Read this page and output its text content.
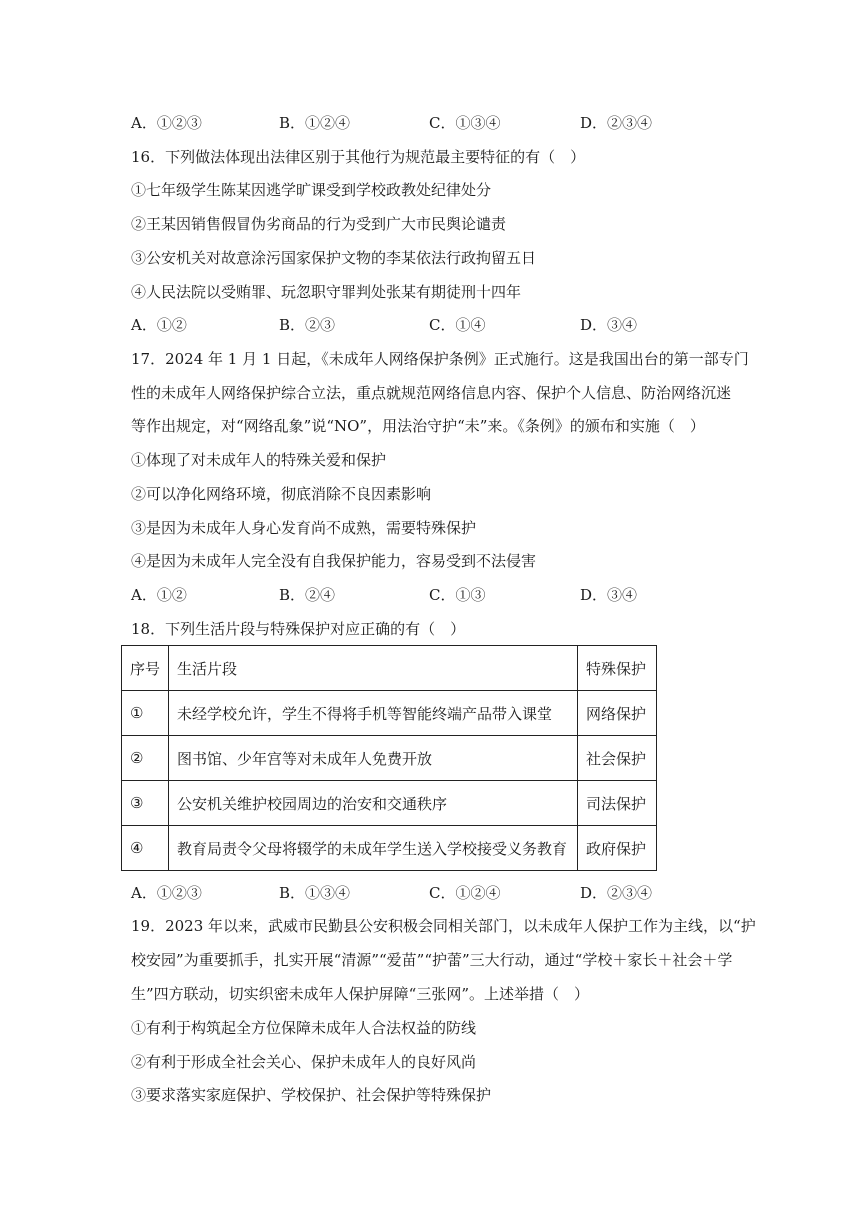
A．①②③	B．①②④	C．①③④	D．②③④
16．下列做法体现出法律区别于其他行为规范最主要特征的有（　）
①七年级学生陈某因逃学旷课受到学校政教处纪律处分
②王某因销售假冒伪劣商品的行为受到广大市民舆论谴责
③公安机关对故意涂污国家保护文物的李某依法行政拘留五日
④人民法院以受贿罪、玩忽职守罪判处张某有期徒刑十四年
A．①②	B．②③	C．①④	D．③④
17．2024 年 1 月 1 日起，《未成年人网络保护条例》正式施行。这是我国出台的第一部专门
性的未成年人网络保护综合立法，重点就规范网络信息内容、保护个人信息、防治网络沉迷
等作出规定，对“网络乱象”说“NO”，用法治守护“未”来。《条例》的颁布和实施（　）
①体现了对未成年人的特殊关爱和保护
②可以净化网络环境，彻底消除不良因素影响
③是因为未成年人身心发育尚不成熟，需要特殊保护
④是因为未成年人完全没有自我保护能力，容易受到不法侵害
A．①②	B．②④	C．①③	D．③④
18．下列生活片段与特殊保护对应正确的有（　）
序号	生活片段	特殊保护
①	未经学校允许，学生不得将手机等智能终端产品带入课堂	网络保护
②	图书馆、少年宫等对未成年人免费开放	社会保护
③	公安机关维护校园周边的治安和交通秩序	司法保护
④	教育局责令父母将辍学的未成年学生送入学校接受义务教育	政府保护
A．①②③	B．①③④	C．①②④	D．②③④
19．2023 年以来，武威市民勤县公安积极会同相关部门，以未成年人保护工作为主线，以“护
校安园”为重要抓手，扎实开展“清源”“爱苗”“护蕾”三大行动，通过“学校＋家长＋社会＋学
生”四方联动，切实织密未成年人保护屏障“三张网”。上述举措（　）
①有利于构筑起全方位保障未成年人合法权益的防线
②有利于形成全社会关心、保护未成年人的良好风尚
③要求落实家庭保护、学校保护、社会保护等特殊保护
